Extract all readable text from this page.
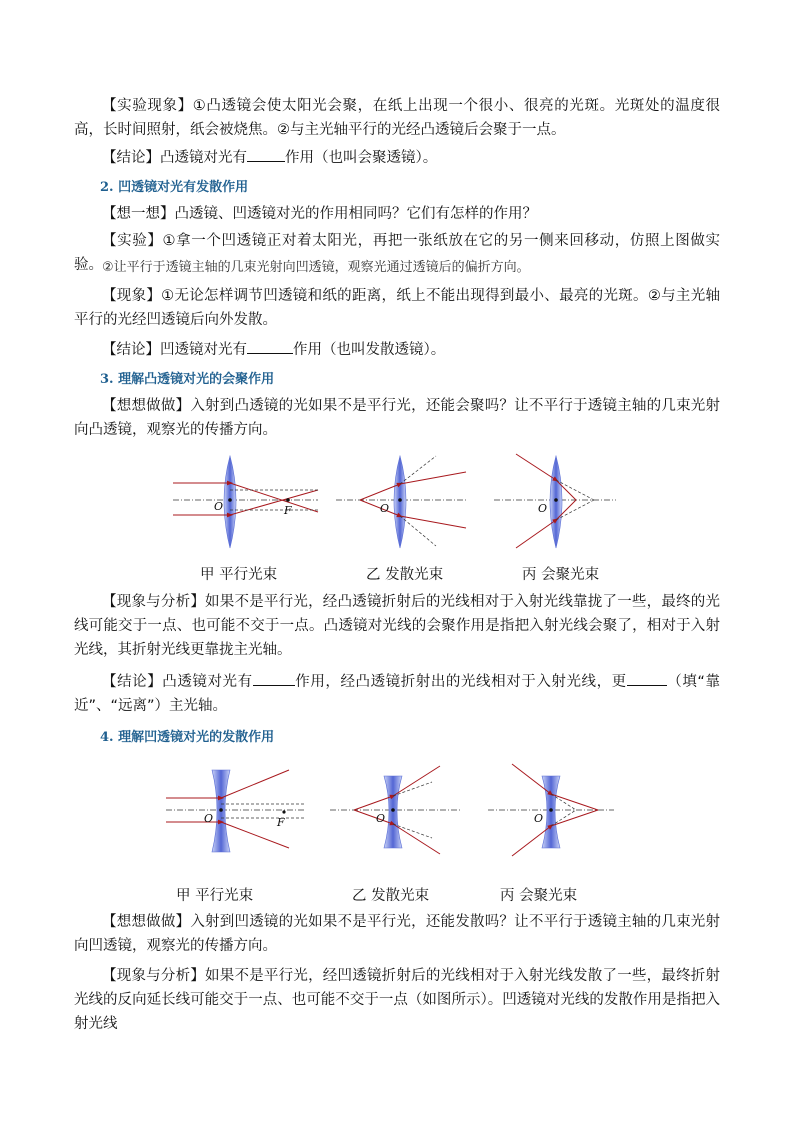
【实验现象】①凸透镜会使太阳光会聚，在纸上出现一个很小、很亮的光斑。光斑处的温度很高，长时间照射，纸会被烧焦。②与主光轴平行的光经凸透镜后会聚于一点。
【结论】凸透镜对光有	作用（也叫会聚透镜）。
2. 凹透镜对光有发散作用
【想一想】凸透镜、凹透镜对光的作用相同吗？它们有怎样的作用？
【实验】①拿一个凹透镜正对着太阳光，再把一张纸放在它的另一侧来回移动，仿照上图做实验。 ②让平行于透镜主轴的几束光射向凹透镜，观察光通过透镜后的偏折方向。
【现象】①无论怎样调节凹透镜和纸的距离，纸上不能出现得到最小、最亮的光斑。②与主光轴平行的光经凹透镜后向外发散。
【结论】凹透镜对光有	作用（也叫发散透镜）。
3. 理解凸透镜对光的会聚作用
【想想做做】入射到凸透镜的光如果不是平行光，还能会聚吗？让不平行于透镜主轴的几束光射向凸透镜，观察光的传播方向。
O	F	O	O
甲 平行光束	乙 发散光束	丙 会聚光束
【现象与分析】如果不是平行光，经凸透镜折射后的光线相对于入射光线靠拢了一些，最终的光线可能交于一点、也可能不交于一点。凸透镜对光线的会聚作用是指把入射光线会聚了，相对于入射光线，其折射光线更靠拢主光轴。
【结论】凸透镜对光有	作用，经凸透镜折射出的光线相对于入射光线，更	（填“靠近”、“远离”）主光轴。
4. 理解凹透镜对光的发散作用
O	F	O	O
甲 平行光束	乙 发散光束	丙 会聚光束
【想想做做】入射到凹透镜的光如果不是平行光，还能发散吗？让不平行于透镜主轴的几束光射向凹透镜，观察光的传播方向。
【现象与分析】如果不是平行光，经凹透镜折射后的光线相对于入射光线发散了一些，最终折射光线的反向延长线可能交于一点、也可能不交于一点（如图所示）。凹透镜对光线的发散作用是指把入射光线
